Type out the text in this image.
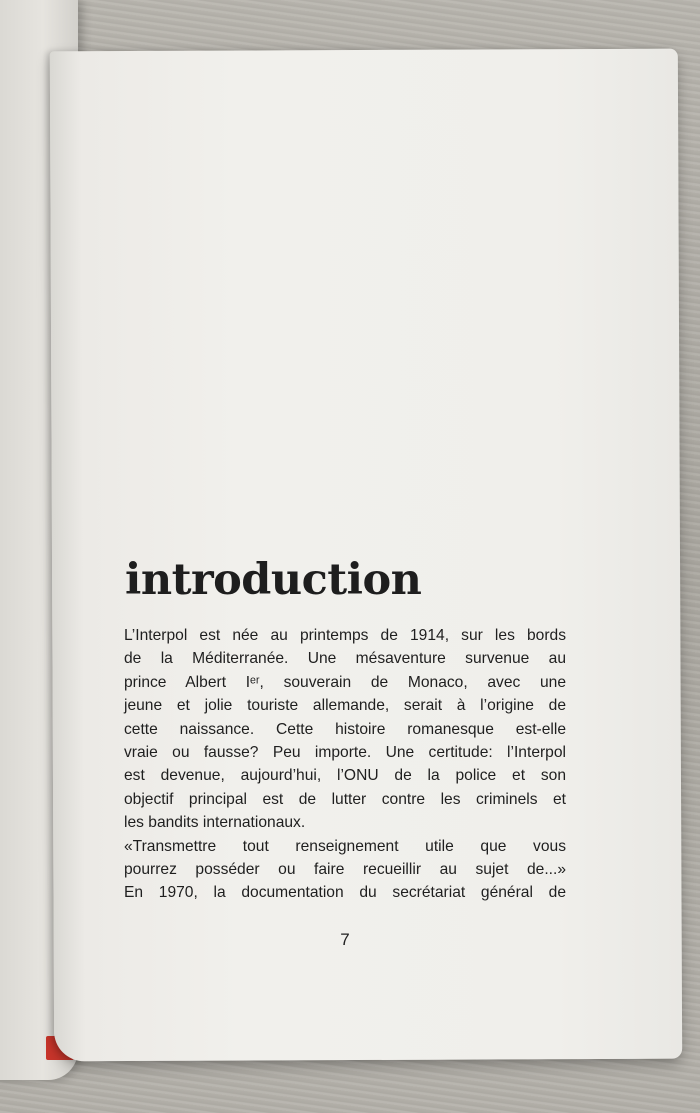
introduction

L’Interpol est née au printemps de 1914, sur les bords
de la Méditerranée. Une mésaventure survenue au
prince Albert Iᵉʳ, souverain de Monaco, avec une
jeune et jolie touriste allemande, serait à l’origine de
cette naissance. Cette histoire romanesque est-elle
vraie ou fausse? Peu importe. Une certitude: l’Interpol
est devenue, aujourd’hui, l’ONU de la police et son
objectif principal est de lutter contre les criminels et
les bandits internationaux.

«Transmettre tout renseignement utile que vous
pourrez posséder ou faire recueillir au sujet de...»
En 1970, la documentation du secrétariat général de

7
